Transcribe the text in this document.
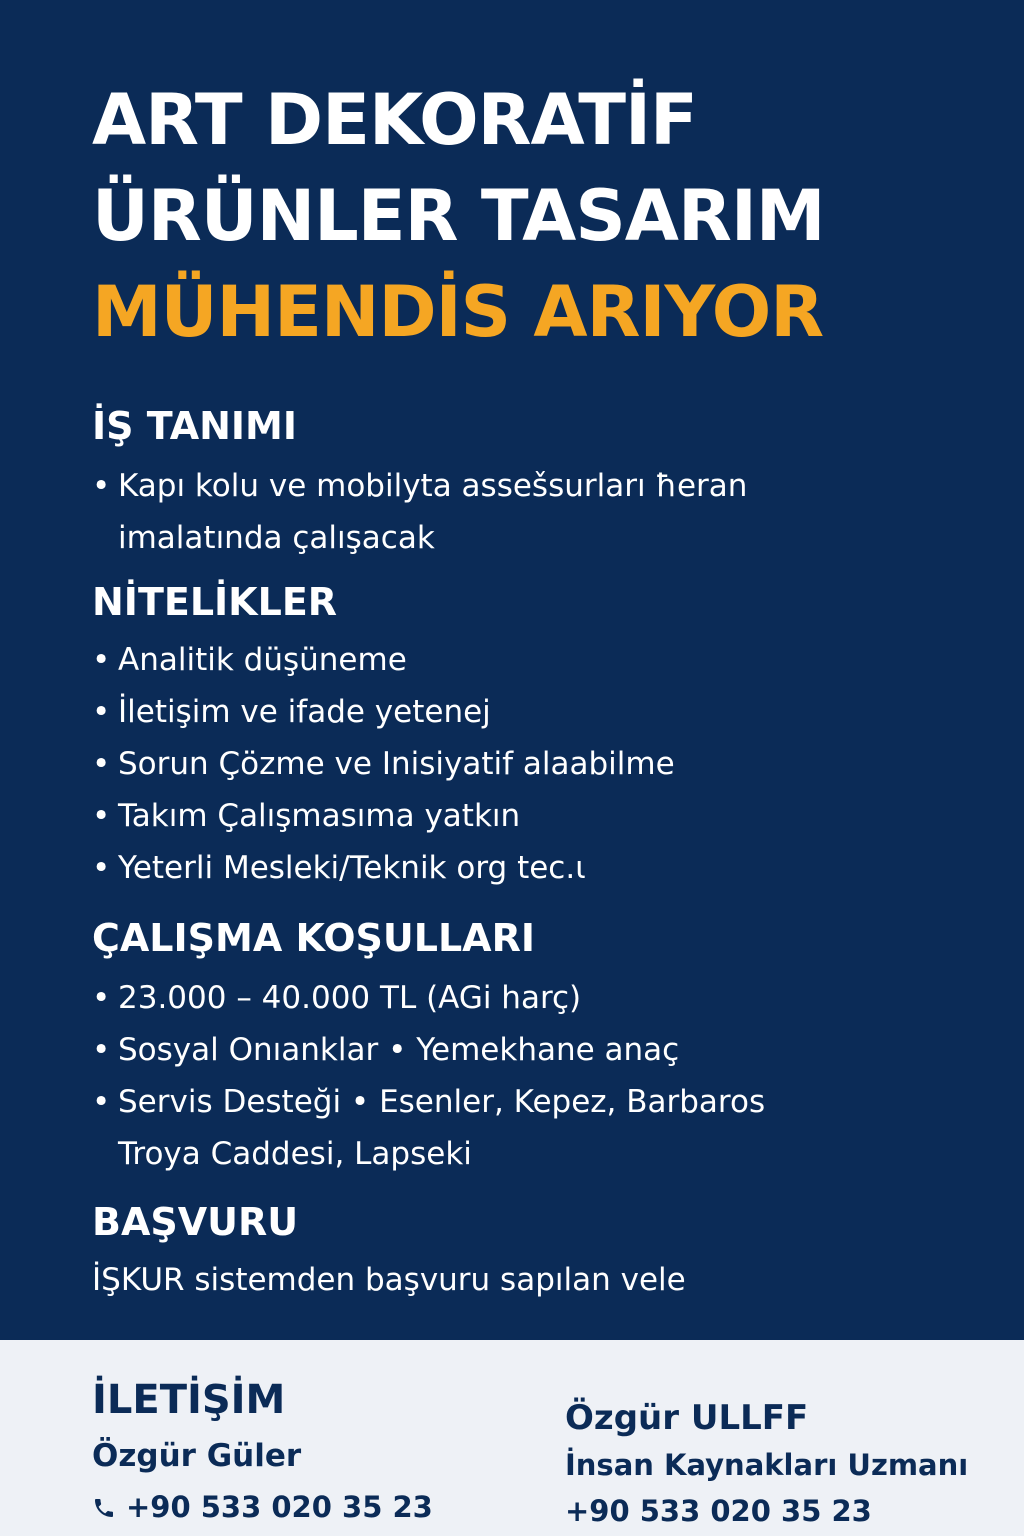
ART DEKORATİF
ÜRÜNLER TASARIM
MÜHENDİS ARIYOR
İŞ TANIMI
• Kapı kolu ve mobilyta assešsurları ħeran
imalatında çalışacak
NİTELİKLER
• Analitik düşüneme
• İletişim ve ifade yetenej
• Sorun Çözme ve Inisiyatif alaabilme
• Takım Çalışmasıma yatkın
• Yeterli Mesleki/Teknik org tec.ɩ
ÇALIŞMA KOŞULLARI
• 23.000 – 40.000 TL (AGi harç)
• Sosyal Onıanklar • Yemekhane anaç
• Servis Desteği • Esenler, Kepez, Barbaros
Troya Caddesi, Lapseki
BAŞVURU

İŞKUR sistemden başvuru sapılan vele

İLETİŞİM

Özgür Güler

+90 533 020 35 23

Özgür ULLFF

İnsan Kaynakları Uzmanı

+90 533 020 35 23
